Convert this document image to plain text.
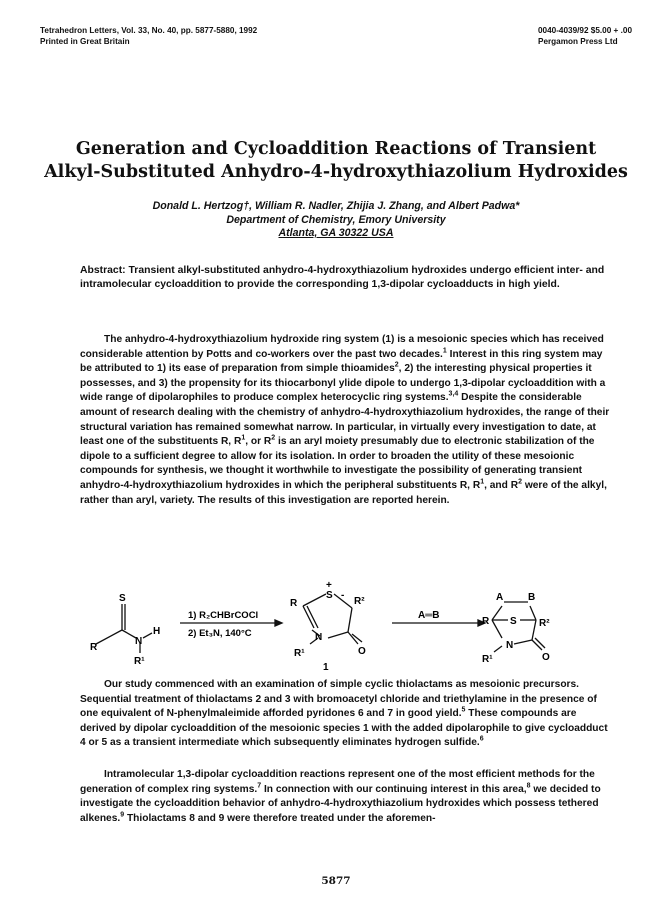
Tetrahedron Letters, Vol. 33, No. 40, pp. 5877-5880, 1992
Printed in Great Britain
0040-4039/92 $5.00 + .00
Pergamon Press Ltd
Generation and Cycloaddition Reactions of Transient
Alkyl-Substituted Anhydro-4-hydroxythiazolium Hydroxides
Donald L. Hertzog†, William R. Nadler, Zhijia J. Zhang, and Albert Padwa*
Department of Chemistry, Emory University
Atlanta, GA 30322 USA
Abstract: Transient alkyl-substituted anhydro-4-hydroxythiazolium hydroxides undergo efficient inter- and intramolecular cycloaddition to provide the corresponding 1,3-dipolar cycloadducts in high yield.

The anhydro-4-hydroxythiazolium hydroxide ring system (1) is a mesoionic species which has received considerable attention by Potts and co-workers over the past two decades.$^1$ Interest in this ring system may be attributed to 1) its ease of preparation from simple thioamides$^2$, 2) the interesting physical properties it possesses, and 3) the propensity for its thiocarbonyl ylide dipole to undergo 1,3-dipolar cycloaddition with a wide range of dipolarophiles to produce complex heterocyclic ring systems.$^{3,4}$ Despite the considerable amount of research dealing with the chemistry of anhydro-4-hydroxythiazolium hydroxides, the range of their structural variation has remained somewhat narrow. In particular, in virtually every investigation to date, at least one of the substituents R, $R^1$, or $R^2$ is an aryl moiety presumably due to electronic stabilization of the dipole to a sufficient degree to allow for its isolation. In order to broaden the utility of these mesoionic compounds for synthesis, we thought it worthwhile to investigate the possibility of generating transient anhydro-4-hydroxythiazolium hydroxides in which the peripheral substituents R, $R^1$, and $R^2$ were of the alkyl, rather than aryl, variety. The results of this investigation are reported herein.

S
R
N
H
R¹
1) R₂CHBrCOCl
2) Et₃N, 140°C
+
S -
R	R²
N
R¹	O
1
A═B
A B
S
R	R²
N
R¹	O

Our study commenced with an examination of simple cyclic thiolactams as mesoionic precursors. Sequential treatment of thiolactams 2 and 3 with bromoacetyl chloride and triethylamine in the presence of one equivalent of N-phenylmaleimide afforded pyridones 6 and 7 in good yield.$^5$ These compounds are derived by dipolar cycloaddition of the mesoionic species 1 with the added dipolarophile to give cycloadduct 4 or 5 as a transient intermediate which subsequently eliminates hydrogen sulfide.$^6$

Intramolecular 1,3-dipolar cycloaddition reactions represent one of the most efficient methods for the generation of complex ring systems.$^7$ In connection with our continuing interest in this area,$^8$ we decided to investigate the cycloaddition behavior of anhydro-4-hydroxythiazolium hydroxides which possess tethered alkenes.$^9$ Thiolactams 8 and 9 were therefore treated under the aforemen-

5877
